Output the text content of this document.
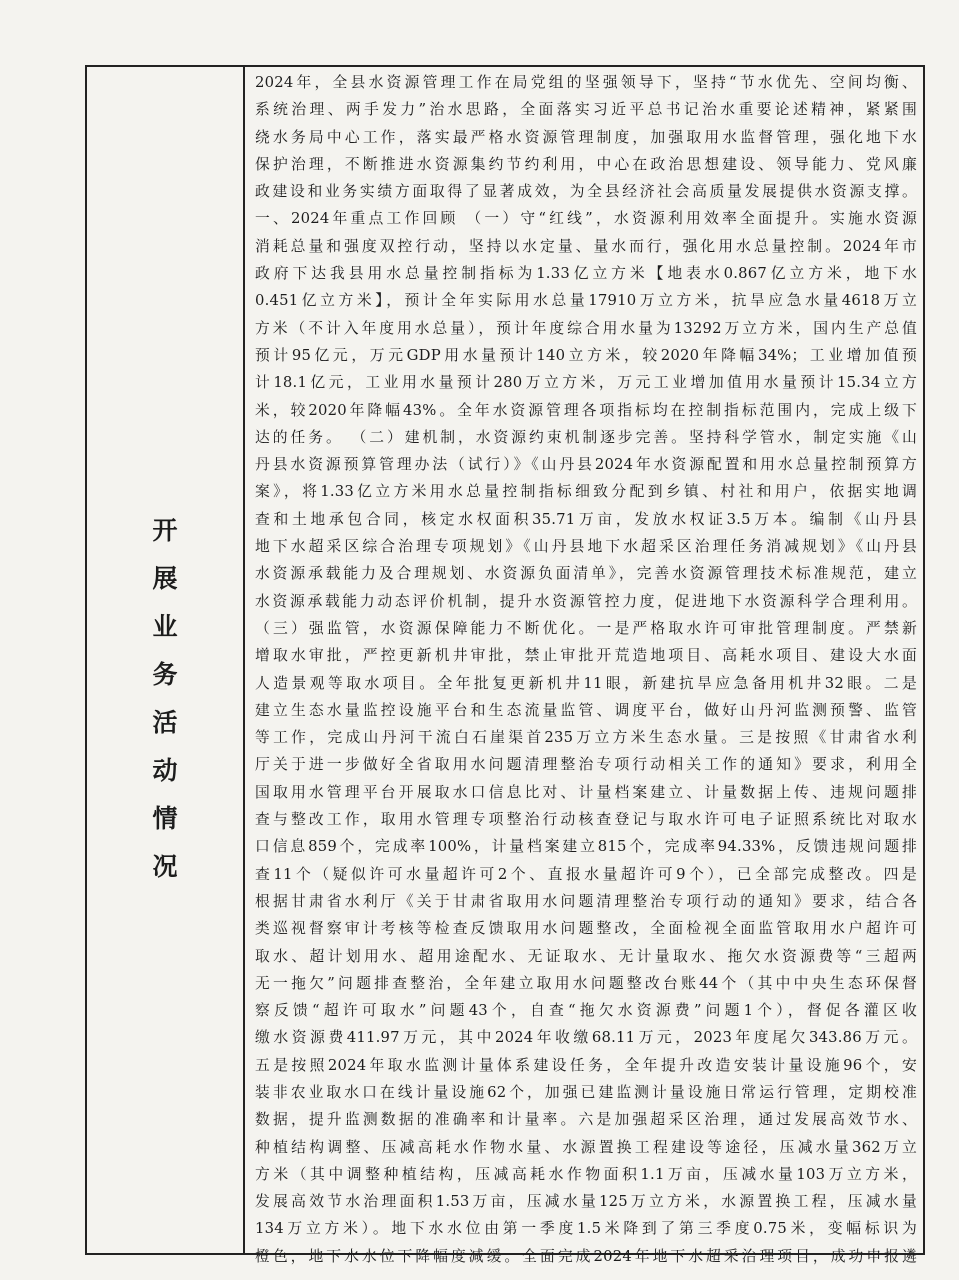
开
展
业
务
活
动
情
况
2024年，全县水资源管理工作在局党组的坚强领导下，坚持“节水优先、空间均衡、
系统治理、两手发力”治水思路，全面落实习近平总书记治水重要论述精神，紧紧围
绕水务局中心工作，落实最严格水资源管理制度，加强取用水监督管理，强化地下水
保护治理，不断推进水资源集约节约利用，中心在政治思想建设、领导能力、党风廉
政建设和业务实绩方面取得了显著成效，为全县经济社会高质量发展提供水资源支撑。
一、2024年重点工作回顾 （一）守“红线”，水资源利用效率全面提升。实施水资源
消耗总量和强度双控行动，坚持以水定量、量水而行，强化用水总量控制。2024年市
政府下达我县用水总量控制指标为1.33亿立方米【地表水0.867亿立方米，地下水
0.451亿立方米】，预计全年实际用水总量17910万立方米，抗旱应急水量4618万立
方米（不计入年度用水总量），预计年度综合用水量为13292万立方米，国内生产总值
预计95亿元，万元GDP用水量预计140立方米，较2020年降幅34%；工业增加值预
计18.1亿元，工业用水量预计280万立方米，万元工业增加值用水量预计15.34立方
米，较2020年降幅43%。全年水资源管理各项指标均在控制指标范围内，完成上级下
达的任务。 （二）建机制，水资源约束机制逐步完善。坚持科学管水，制定实施《山
丹县水资源预算管理办法（试行）》《山丹县2024年水资源配置和用水总量控制预算方
案》，将1.33亿立方米用水总量控制指标细致分配到乡镇、村社和用户，依据实地调
查和土地承包合同，核定水权面积35.71万亩，发放水权证3.5万本。编制《山丹县
地下水超采区综合治理专项规划》《山丹县地下水超采区治理任务消减规划》《山丹县
水资源承载能力及合理规划、水资源负面清单》，完善水资源管理技术标准规范，建立
水资源承载能力动态评价机制，提升水资源管控力度，促进地下水资源科学合理利用。
（三）强监管，水资源保障能力不断优化。一是严格取水许可审批管理制度。严禁新
增取水审批，严控更新机井审批，禁止审批开荒造地项目、高耗水项目、建设大水面
人造景观等取水项目。全年批复更新机井11眼，新建抗旱应急备用机井32眼。二是
建立生态水量监控设施平台和生态流量监管、调度平台，做好山丹河监测预警、监管
等工作，完成山丹河干流白石崖渠首235万立方米生态水量。三是按照《甘肃省水利
厅关于进一步做好全省取用水问题清理整治专项行动相关工作的通知》要求，利用全
国取用水管理平台开展取水口信息比对、计量档案建立、计量数据上传、违规问题排
查与整改工作，取用水管理专项整治行动核查登记与取水许可电子证照系统比对取水
口信息859个，完成率100%，计量档案建立815个，完成率94.33%，反馈违规问题排
查11个（疑似许可水量超许可2个、直报水量超许可9个），已全部完成整改。四是
根据甘肃省水利厅《关于甘肃省取用水问题清理整治专项行动的通知》要求，结合各
类巡视督察审计考核等检查反馈取用水问题整改，全面检视全面监管取用水户超许可
取水、超计划用水、超用途配水、无证取水、无计量取水、拖欠水资源费等“三超两
无一拖欠”问题排查整治，全年建立取用水问题整改台账44个（其中中央生态环保督
察反馈“超许可取水”问题43个，自查“拖欠水资源费”问题1个），督促各灌区收
缴水资源费411.97万元，其中2024年收缴68.11万元，2023年度尾欠343.86万元。
五是按照2024年取水监测计量体系建设任务，全年提升改造安装计量设施96个，安
装非农业取水口在线计量设施62个，加强已建监测计量设施日常运行管理，定期校准
数据，提升监测数据的准确率和计量率。六是加强超采区治理，通过发展高效节水、
种植结构调整、压减高耗水作物水量、水源置换工程建设等途径，压减水量362万立
方米（其中调整种植结构，压减高耗水作物面积1.1万亩，压减水量103万立方米，
发展高效节水治理面积1.53万亩，压减水量125万立方米，水源置换工程，压减水量
134万立方米）。地下水水位由第一季度1.5米降到了第三季度0.75米，变幅标识为
橙色，地下水水位下降幅度减缓。全面完成2024年地下水超采治理项目，成功申报遴
